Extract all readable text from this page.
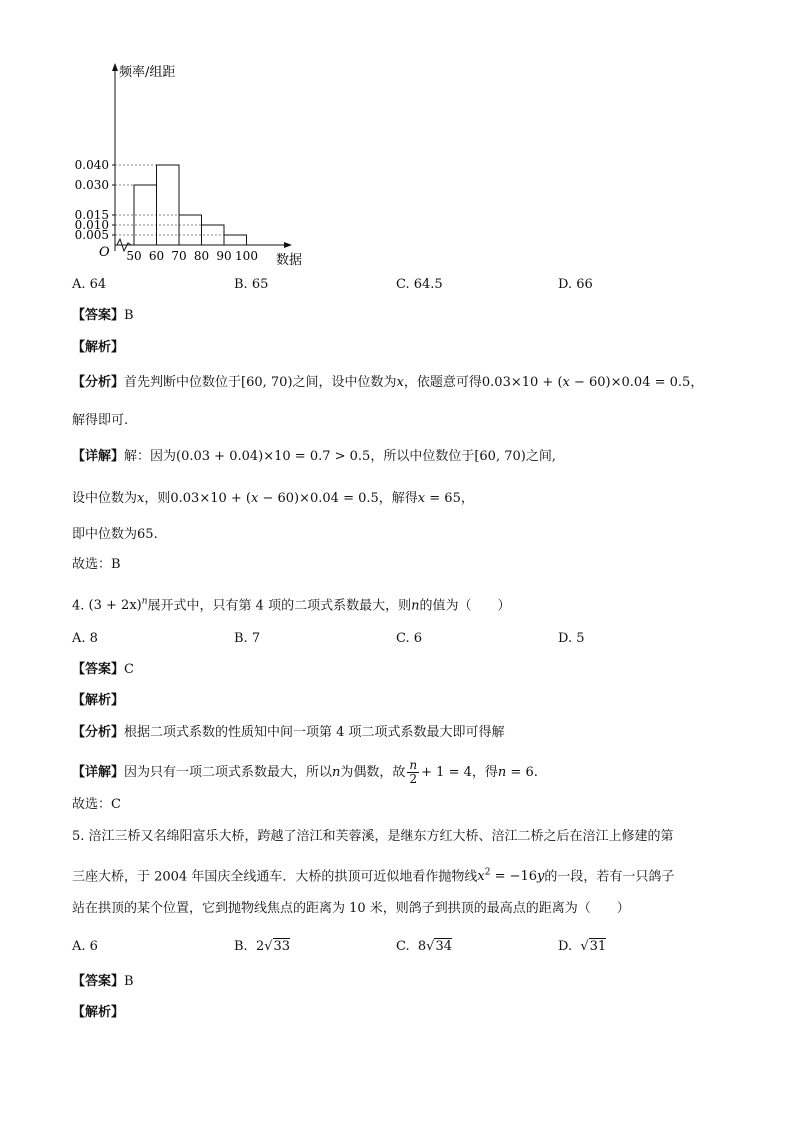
频率/组距
数据
O
0.040
0.030
0.015
0.010
0.005
50 60 70 80 90 100
A. 64	B. 65	C. 64.5	D. 66
【答案】B
【解析】
【分析】首先判断中位数位于[60, 70)之间，设中位数为x，依题意可得0.03×10 + (x − 60)×0.04 = 0.5，
解得即可.
【详解】解：因为(0.03 + 0.04)×10 = 0.7 > 0.5，所以中位数位于[60, 70)之间,
设中位数为x，则0.03×10 + (x − 60)×0.04 = 0.5，解得x = 65，
即中位数为65.
故选：B
4. $(3 + 2x)^n$展开式中，只有第 4 项的二项式系数最大，则n的值为（　　）
A. 8	B. 7	C. 6	D. 5
【答案】C
【解析】
【分析】根据二项式系数的性质知中间一项第 4 项二项式系数最大即可得解
【详解】因为只有一项二项式系数最大，所以n为偶数，故 $\frac{n}{2} + 1 = 4$，得n = 6.
故选：C
5. 涪江三桥又名绵阳富乐大桥，跨越了涪江和芙蓉溪，是继东方红大桥、涪江二桥之后在涪江上修建的第
三座大桥，于 2004 年国庆全线通车．大桥的拱顶可近似地看作抛物线$x^2 = -16y$的一段，若有一只鸽子
站在拱顶的某个位置，它到抛物线焦点的距离为 10 米，则鸽子到拱顶的最高点的距离为（　　）
A. 6	B. 2√33	C. 8√34	D. √31
【答案】B
【解析】
